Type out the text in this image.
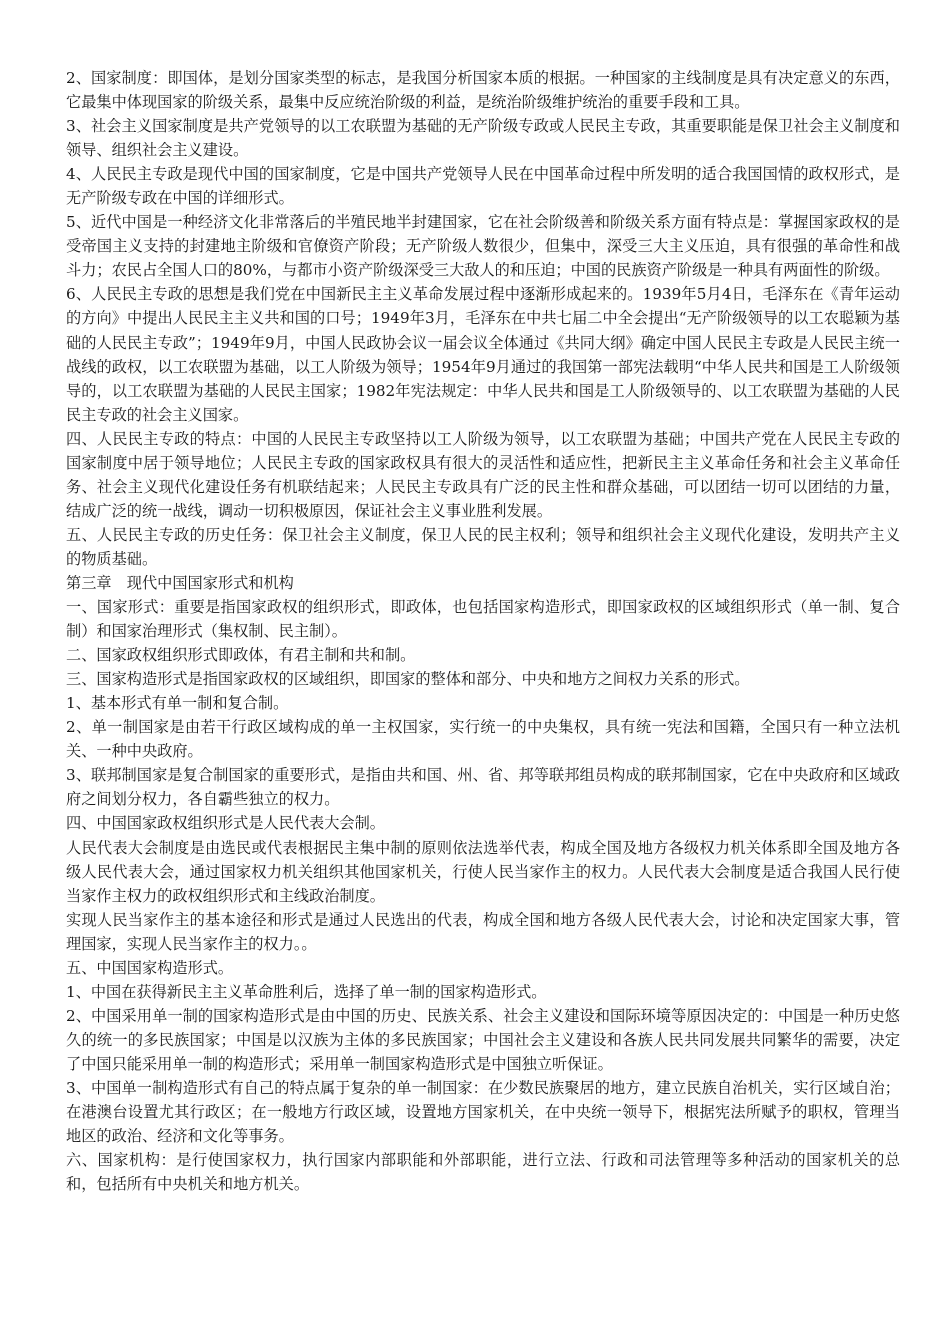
2、国家制度：即国体，是划分国家类型的标志，是我国分析国家本质的根据。一种国家的主线制度是具有决定意义的东西，它最集中体现国家的阶级关系，最集中反应统治阶级的利益，是统治阶级维护统治的重要手段和工具。

3、社会主义国家制度是共产党领导的以工农联盟为基础的无产阶级专政或人民民主专政，其重要职能是保卫社会主义制度和领导、组织社会主义建设。

4、人民民主专政是现代中国的国家制度，它是中国共产党领导人民在中国革命过程中所发明的适合我国国情的政权形式，是无产阶级专政在中国的详细形式。

5、近代中国是一种经济文化非常落后的半殖民地半封建国家，它在社会阶级善和阶级关系方面有特点是：掌握国家政权的是受帝国主义支持的封建地主阶级和官僚资产阶段；无产阶级人数很少，但集中，深受三大主义压迫，具有很强的革命性和战斗力；农民占全国人口的80%，与都市小资产阶级深受三大敌人的和压迫；中国的民族资产阶级是一种具有两面性的阶级。

6、人民民主专政的思想是我们党在中国新民主主义革命发展过程中逐渐形成起来的。1939年5月4日，毛泽东在《青年运动的方向》中提出人民民主主义共和国的口号；1949年3月，毛泽东在中共七届二中全会提出“无产阶级领导的以工农聪颖为基础的人民民主专政”；1949年9月，中国人民政协会议一届会议全体通过《共同大纲》确定中国人民民主专政是人民民主统一战线的政权，以工农联盟为基础，以工人阶级为领导；1954年9月通过的我国第一部宪法载明“中华人民共和国是工人阶级领导的，以工农联盟为基础的人民民主国家；1982年宪法规定：中华人民共和国是工人阶级领导的、以工农联盟为基础的人民民主专政的社会主义国家。

四、人民民主专政的特点：中国的人民民主专政坚持以工人阶级为领导，以工农联盟为基础；中国共产党在人民民主专政的国家制度中居于领导地位；人民民主专政的国家政权具有很大的灵活性和适应性，把新民主主义革命任务和社会主义革命任务、社会主义现代化建设任务有机联结起来；人民民主专政具有广泛的民主性和群众基础，可以团结一切可以团结的力量，结成广泛的统一战线，调动一切积极原因，保证社会主义事业胜利发展。

五、人民民主专政的历史任务：保卫社会主义制度，保卫人民的民主权利；领导和组织社会主义现代化建设，发明共产主义的物质基础。

第三章　现代中国国家形式和机构

一、国家形式：重要是指国家政权的组织形式，即政体，也包括国家构造形式，即国家政权的区域组织形式（单一制、复合制）和国家治理形式（集权制、民主制）。

二、国家政权组织形式即政体，有君主制和共和制。

三、国家构造形式是指国家政权的区域组织，即国家的整体和部分、中央和地方之间权力关系的形式。

1、基本形式有单一制和复合制。

2、单一制国家是由若干行政区域构成的单一主权国家，实行统一的中央集权，具有统一宪法和国籍，全国只有一种立法机关、一种中央政府。

3、联邦制国家是复合制国家的重要形式，是指由共和国、州、省、邦等联邦组员构成的联邦制国家，它在中央政府和区域政府之间划分权力，各自霸些独立的权力。

四、中国国家政权组织形式是人民代表大会制。

人民代表大会制度是由选民或代表根据民主集中制的原则依法选举代表，构成全国及地方各级权力机关体系即全国及地方各级人民代表大会，通过国家权力机关组织其他国家机关，行使人民当家作主的权力。人民代表大会制度是适合我国人民行使当家作主权力的政权组织形式和主线政治制度。

实现人民当家作主的基本途径和形式是通过人民选出的代表，构成全国和地方各级人民代表大会，讨论和决定国家大事，管理国家，实现人民当家作主的权力。。

五、中国国家构造形式。

1、中国在获得新民主主义革命胜利后，选择了单一制的国家构造形式。

2、中国采用单一制的国家构造形式是由中国的历史、民族关系、社会主义建设和国际环境等原因决定的：中国是一种历史悠久的统一的多民族国家；中国是以汉族为主体的多民族国家；中国社会主义建设和各族人民共同发展共同繁华的需要，决定了中国只能采用单一制的构造形式；采用单一制国家构造形式是中国独立听保证。

3、中国单一制构造形式有自己的特点属于复杂的单一制国家：在少数民族聚居的地方，建立民族自治机关，实行区域自治；在港澳台设置尤其行政区；在一般地方行政区域，设置地方国家机关，在中央统一领导下，根据宪法所赋予的职权，管理当地区的政治、经济和文化等事务。

六、国家机构：是行使国家权力，执行国家内部职能和外部职能，进行立法、行政和司法管理等多种活动的国家机关的总和，包括所有中央机关和地方机关。
